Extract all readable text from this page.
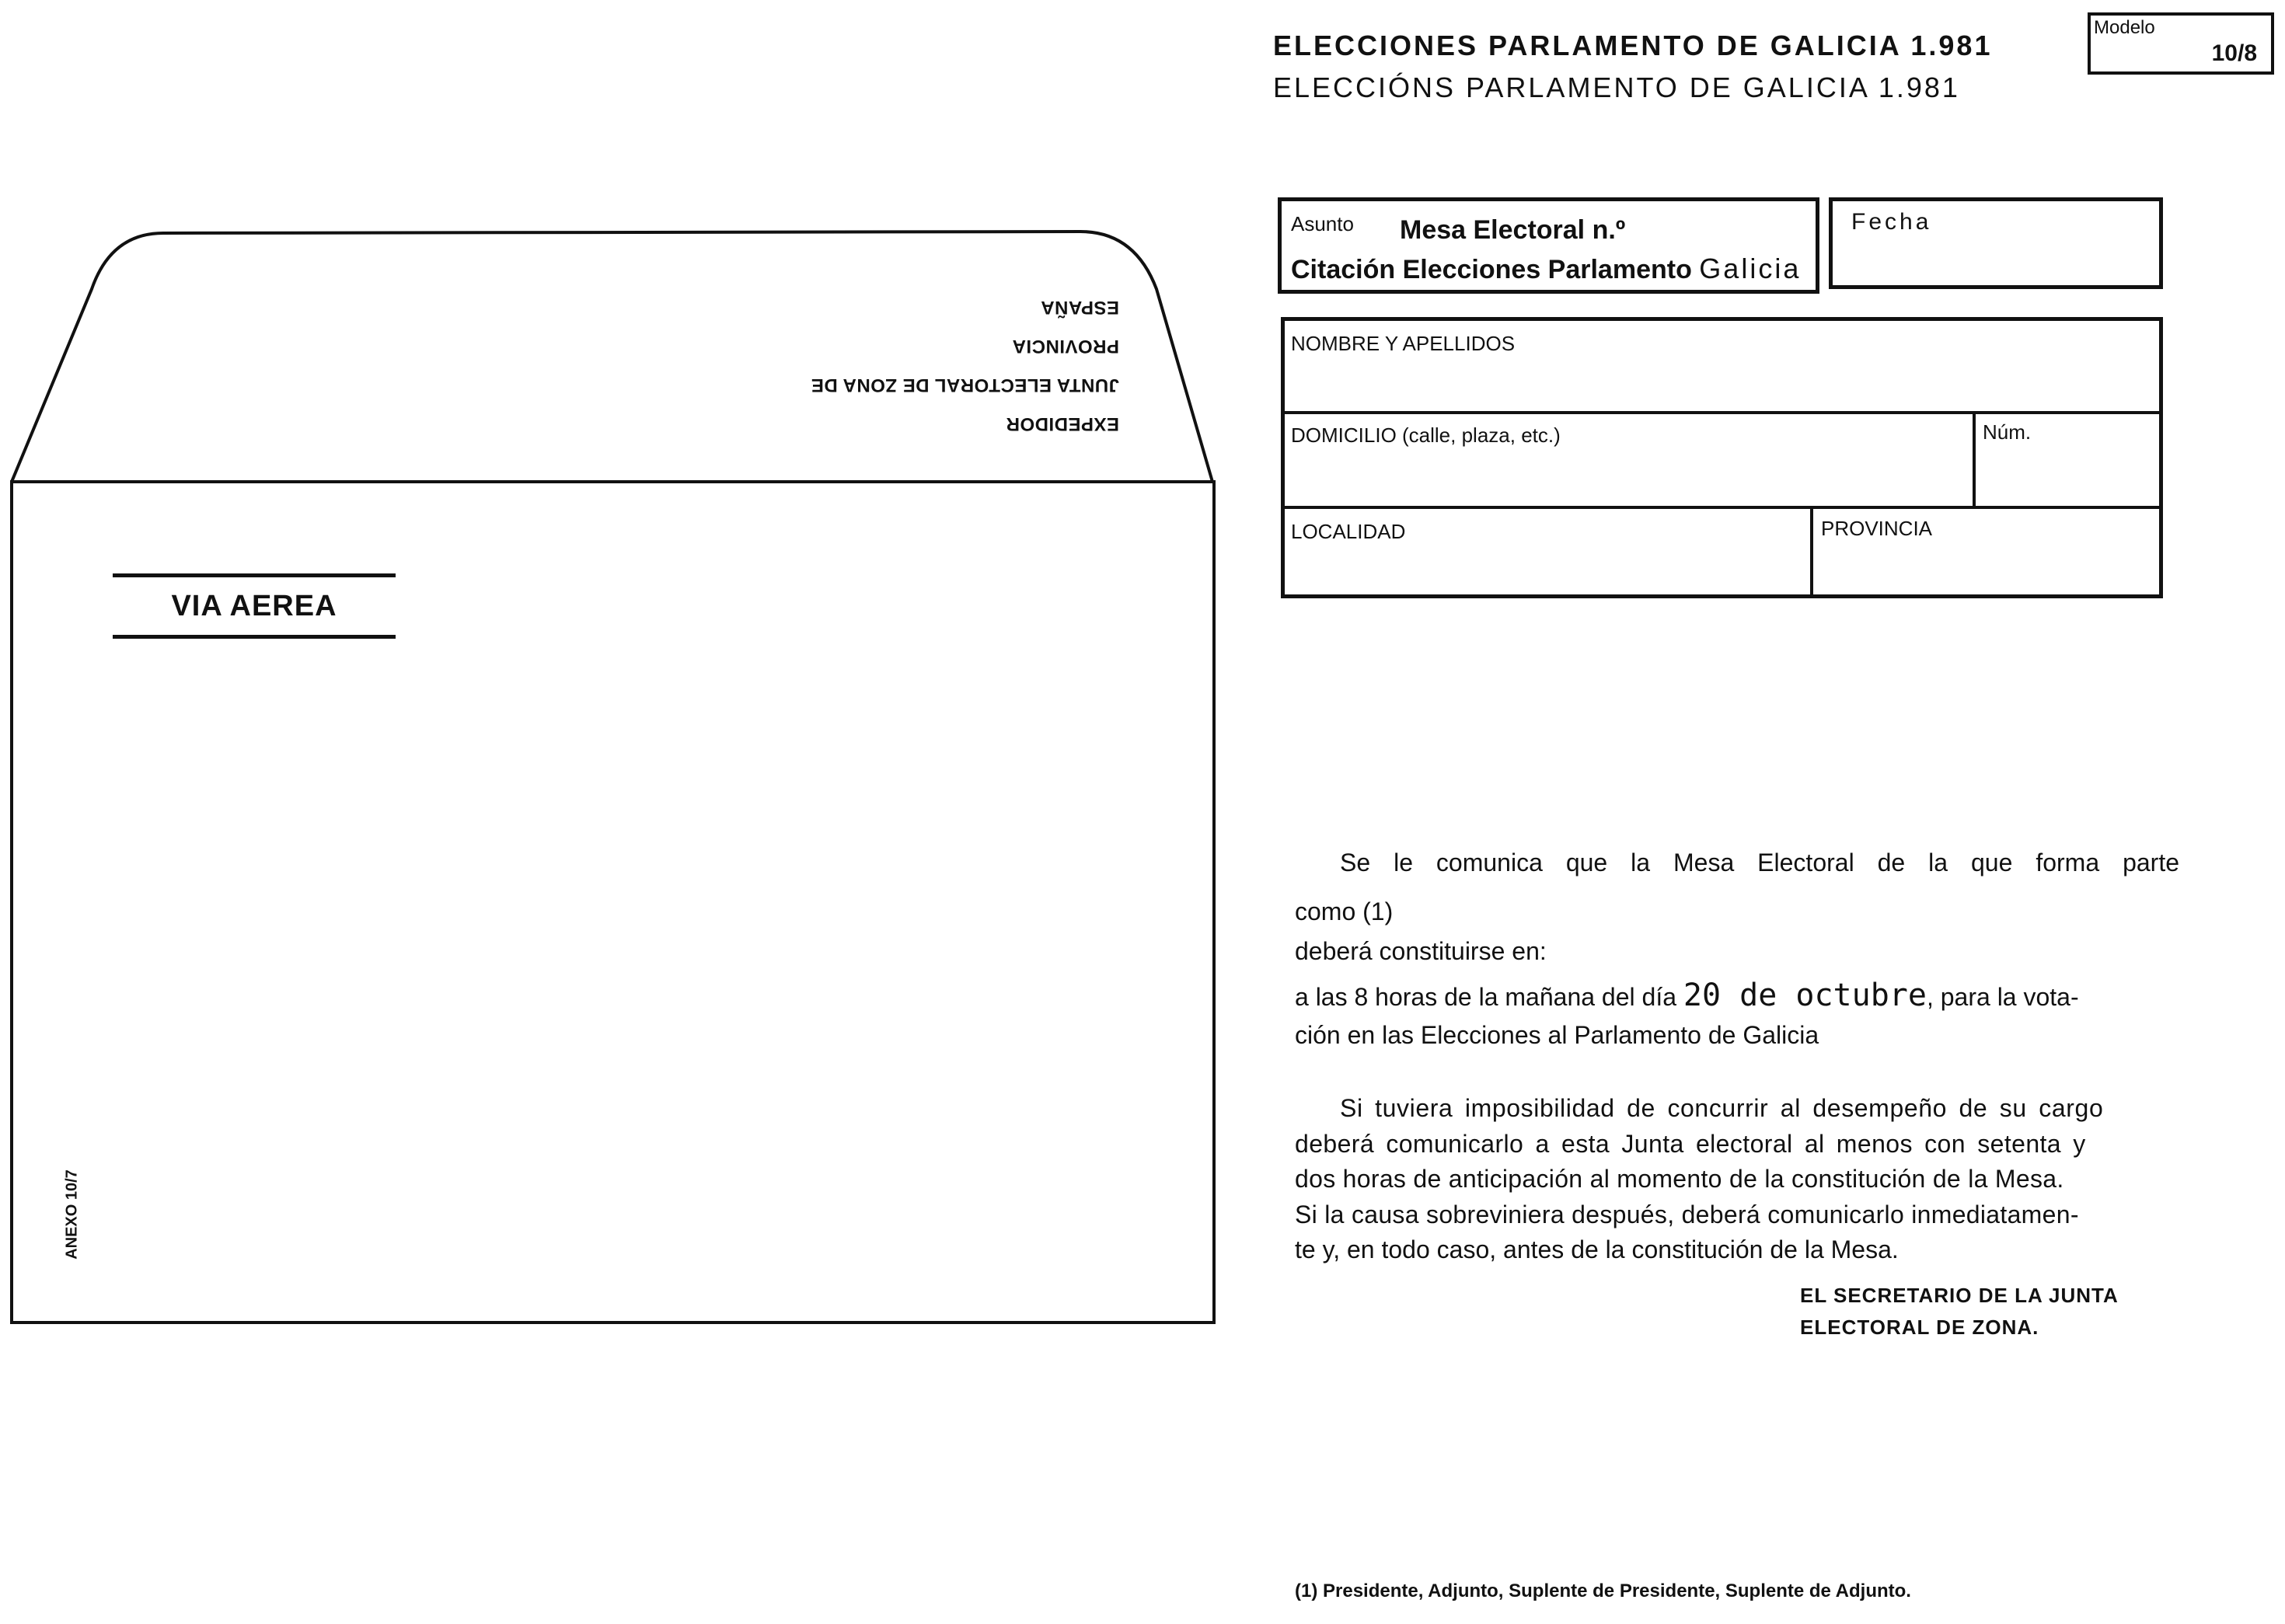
EXPEDIDOR
JUNTA ELECTORAL DE ZONA DE
PROVINCIA
ESPAÑA
VIA AEREA
ANEXO 10/7
ELECCIONES PARLAMENTO DE GALICIA 1.981
ELECCIÓNS PARLAMENTO DE GALICIA 1.981
Modelo
10/8
Asunto Mesa Electoral n.º
Citación Elecciones Parlamento Galicia
Fecha
NOMBRE Y APELLIDOS
DOMICILIO (calle, plaza, etc.)	Núm.
LOCALIDAD	PROVINCIA
Se le comunica que la Mesa Electoral de la que forma parte
como (1)
deberá constituirse en:
a las 8 horas de la mañana del día 20 de octubre, para la vota-
ción en las Elecciones al Parlamento de Galicia
Si tuviera imposibilidad de concurrir al desempeño de su cargo
deberá comunicarlo a esta Junta electoral al menos con setenta y
dos horas de anticipación al momento de la constitución de la Mesa.
Si la causa sobreviniera después, deberá comunicarlo inmediatamen-
te y, en todo caso, antes de la constitución de la Mesa.
EL SECRETARIO DE LA JUNTA
ELECTORAL DE ZONA.
(1) Presidente, Adjunto, Suplente de Presidente, Suplente de Adjunto.
